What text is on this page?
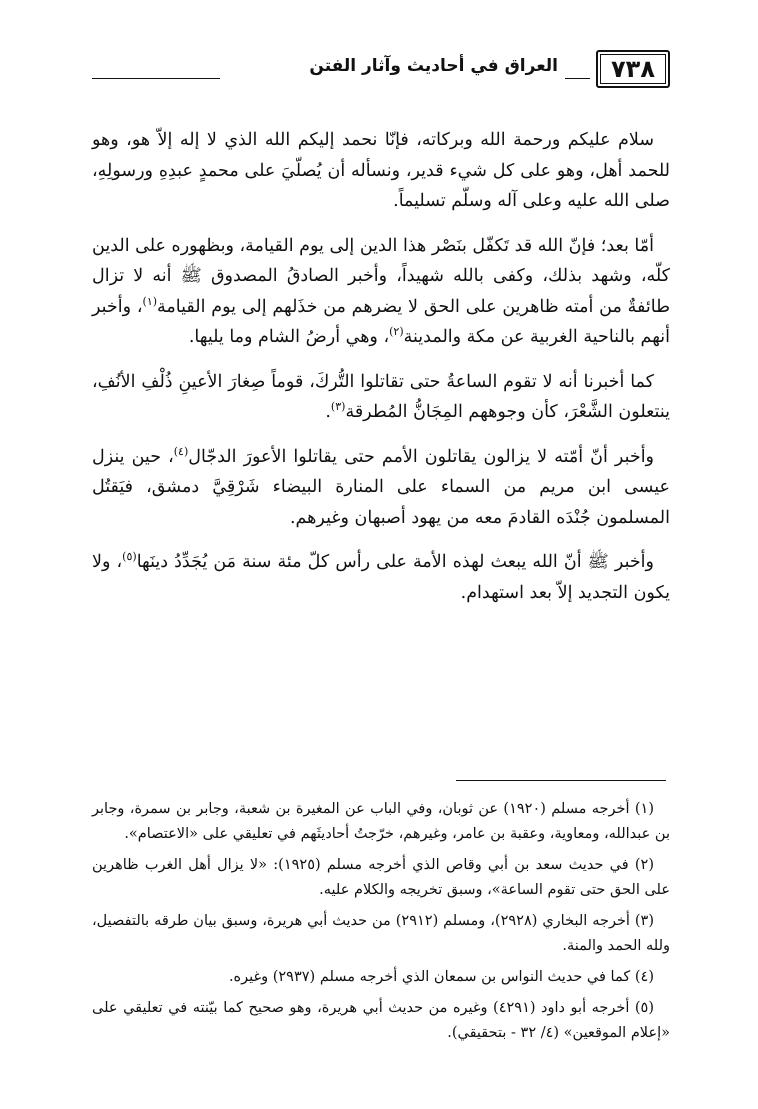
٧٣٨
العراق في أحاديث وآثار الفتن

سلام عليكم ورحمة الله وبركاته، فإنّا نحمد إليكم الله الذي لا إله إلاّ هو، وهو للحمد أهل، وهو على كل شيء قدير، ونسأله أن يُصلّيَ على محمدٍ عبدِهِ ورسولِهِ، صلى الله عليه وعلى آله وسلّم تسليماً.

أمّا بعد؛ فإنّ الله قد تَكفّل بنَصْر هذا الدين إلى يوم القيامة، وبظهوره على الدين كلّه، وشهد بذلك، وكفى بالله شهيداً، وأخبر الصادقُ المصدوق ﷺ أنه لا تزال طائفةٌ من أمته ظاهرين على الحق لا يضرهم من خذَلهم إلى يوم القيامة$^{(١)}$، وأخبر أنهم بالناحية الغربية عن مكة والمدينة$^{(٢)}$، وهي أرضُ الشام وما يليها.

كما أخبرنا أنه لا تقوم الساعةُ حتى تقاتلوا التُّركَ، قوماً صِغارَ الأعينِ ذُلْفِ الأنُفِ، ينتعلون الشَّعْرَ، كأن وجوههم المِجَانُّ المُطرقة$^{(٣)}$.

وأخبر أنّ أمّته لا يزالون يقاتلون الأمم حتى يقاتلوا الأعورَ الدجّال$^{(٤)}$، حين ينزل عيسى ابن مريم من السماء على المنارة البيضاء شَرْقِيَّ دمشق، فيَقتُل المسلمون جُنْدَه القادمَ معه من يهود أصبهان وغيرهم.

وأخبر ﷺ أنّ الله يبعث لهذه الأمة على رأس كلّ مئة سنة مَن يُجَدِّدُ دينَها$^{(٥)}$، ولا يكون التجديد إلاّ بعد استهدام.

(١) أخرجه مسلم (١٩٢٠) عن ثوبان، وفي الباب عن المغيرة بن شعبة، وجابر بن سمرة، وجابر بن عبدالله، ومعاوية، وعقبة بن عامر، وغيرهم، خرّجتُ أحاديثَهم في تعليقي على «الاعتصام».

(٢) في حديث سعد بن أبي وقاص الذي أخرجه مسلم (١٩٢٥): «لا يزال أهل الغرب ظاهرين على الحق حتى تقوم الساعة»، وسبق تخريجه والكلام عليه.

(٣) أخرجه البخاري (٢٩٢٨)، ومسلم (٢٩١٢) من حديث أبي هريرة، وسبق بيان طرقه بالتفصيل، ولله الحمد والمنة.

(٤) كما في حديث النواس بن سمعان الذي أخرجه مسلم (٢٩٣٧) وغيره.

(٥) أخرجه أبو داود (٤٢٩١) وغيره من حديث أبي هريرة، وهو صحيح كما بيّنته في تعليقي على «إعلام الموقعين» (٤/ ٣٢ - بتحقيقي).
